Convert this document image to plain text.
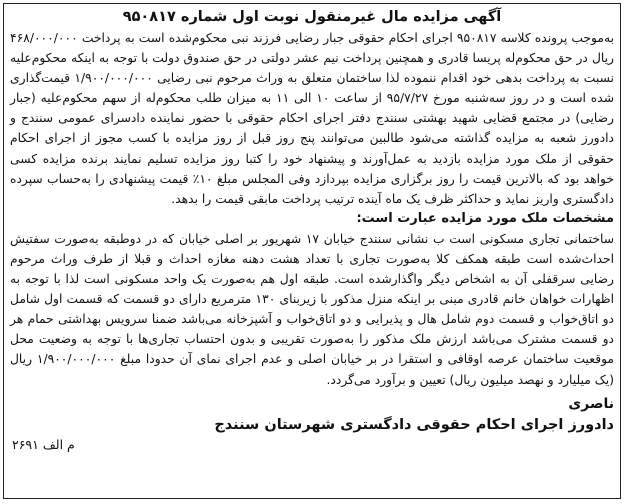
آگهی مزایده مال غیرمنقول نوبت اول شماره ۹۵۰۸۱۷

به‌موجب پرونده کلاسه ۹۵۰۸۱۷ اجرای احکام حقوقی جبار رضایی فرزند نبی محکوم‌شده است به پرداخت ۴۶۸/۰۰۰/۰۰۰ ریال در حق محکوم‌له پریسا قادری و همچنین پرداخت نیم عشر دولتی در حق صندوق دولت با توجه به اینکه محکوم‌علیه نسبت به پرداخت بدهی خود اقدام ننموده لذا ساختمان متعلق به وراث مرحوم نبی رضایی ۱/۹۰۰/۰۰۰/۰۰۰ قیمت‌گذاری شده است و در روز سه‌شنبه مورخ ۹۵/۷/۲۷ از ساعت ۱۰ الی ۱۱ به میزان طلب محکوم‌له از سهم محکوم‌علیه (جبار رضایی) در مجتمع قضایی شهید بهشتی سنندج دفتر اجرای احکام حقوقی با حضور نماینده دادسرای عمومی سنندج و دادورز شعبه به مزایده گذاشته می‌شود طالبین می‌توانند پنج روز قبل از روز مزایده با کسب مجوز از اجرای احکام حقوقی از ملک مورد مزایده بازدید به عمل‌آورند و پیشنهاد خود را کتبا روز مزایده تسلیم نمایند برنده مزایده کسی خواهد بود که بالاترین قیمت را روز برگزاری مزایده بپردازد وفی المجلس مبلغ ۱۰٪ قیمت پیشنهادی را به‌حساب سپرده دادگستری واریز نماید و حداکثر ظرف یک ماه آینده ترتیب پرداخت مابقی قیمت را بدهد.

مشخصات ملک مورد مزایده عبارت است:

ساختمانی تجاری مسکونی است ب نشانی سنندج خیابان ۱۷ شهریور بر اصلی خیابان که در دوطبقه به‌صورت سفتیش احداث‌شده است طبقه همکف کلا به‌صورت تجاری با تعداد هشت دهنه مغازه احداث و قبلا از طرف وراث مرحوم رضایی سرقفلی آن به اشخاص دیگر واگذارشده است. طبقه اول هم به‌صورت یک واحد مسکونی است لذا با توجه به اظهارات خواهان خانم قادری مبنی بر اینکه منزل مذکور با زیربنای ۱۳۰ مترمربع دارای دو قسمت که قسمت اول شامل دو اتاق‌خواب و قسمت دوم شامل هال و پذیرایی و دو اتاق‌خواب و آشپزخانه می‌باشد ضمنا سرویس بهداشتی حمام هر دو قسمت مشترک می‌باشد ارزش ملک مذکور را به‌صورت تقریبی و بدون احتساب تجاری‌ها با توجه به وضعیت محل موقعیت ساختمان عرصه اوقافی و استقرا در بر خیابان اصلی و عدم اجرای نمای آن حدودا مبلغ ۱/۹۰۰/۰۰۰/۰۰۰ ریال (یک میلیارد و نهصد میلیون ریال) تعیین و برآورد می‌گردد.

ناصری
دادورز اجرای احکام حقوقی دادگستری شهرستان سنندج
م الف ۲۶۹۱
